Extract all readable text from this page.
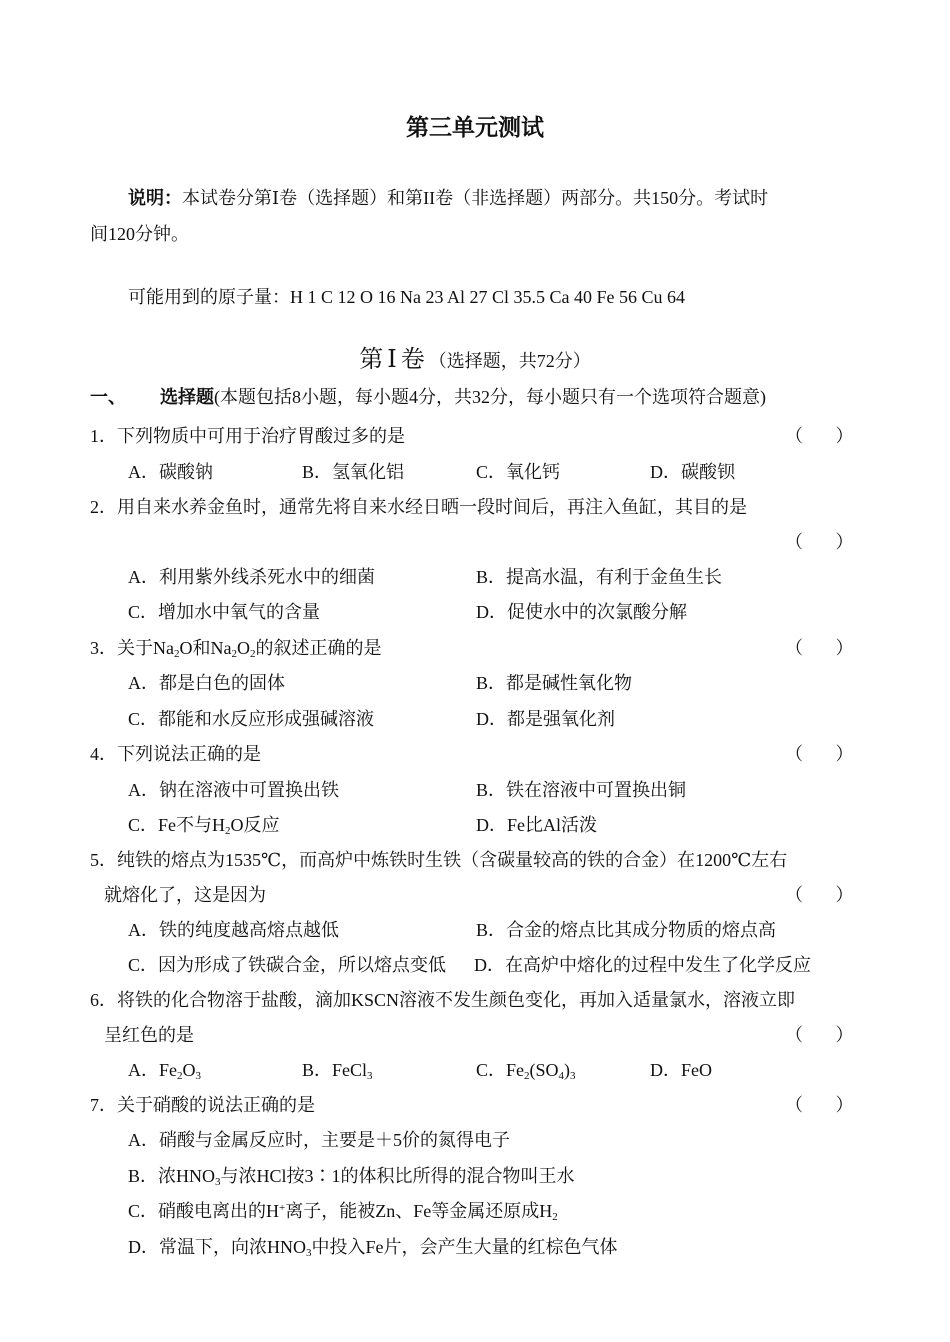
第三单元测试
说明：本试卷分第Ⅰ卷（选择题）和第II卷（非选择题）两部分。共150分。考试时
间120分钟。
可能用到的原子量：H 1 C 12 O 16 Na 23 Al 27 Cl 35.5 Ca 40 Fe 56 Cu 64
第Ⅰ卷（选择题，共72分）
一、 选择题(本题包括8小题，每小题4分，共32分，每小题只有一个选项符合题意)
1．下列物质中可用于治疗胃酸过多的是	（ ）
A．碳酸钠	B．氢氧化铝	C．氧化钙	D．碳酸钡
2．用自来水养金鱼时，通常先将自来水经日晒一段时间后，再注入鱼缸，其目的是
（ ）
A．利用紫外线杀死水中的细菌	B．提高水温，有利于金鱼生长
C．增加水中氧气的含量	D．促使水中的次氯酸分解
3．关于$Na_2O$和$Na_2O_2$的叙述正确的是	（ ）
A．都是白色的固体	B．都是碱性氧化物
C．都能和水反应形成强碱溶液	D．都是强氧化剂
4．下列说法正确的是	（ ）
A．钠在溶液中可置换出铁	B．铁在溶液中可置换出铜
C．Fe不与$H_2O$反应	D．Fe比Al活泼
5．纯铁的熔点为1535℃，而高炉中炼铁时生铁（含碳量较高的铁的合金）在1200℃左右
就熔化了，这是因为	（ ）
A．铁的纯度越高熔点越低	B．合金的熔点比其成分物质的熔点高
C．因为形成了铁碳合金，所以熔点变低 D．在高炉中熔化的过程中发生了化学反应
6．将铁的化合物溶于盐酸，滴加KSCN溶液不发生颜色变化，再加入适量氯水，溶液立即
呈红色的是	（ ）
A．$Fe_2O_3$	B．FeCl$_3$	C．$Fe_2(SO_4)_3$	D．FeO
7．关于硝酸的说法正确的是	（ ）
A．硝酸与金属反应时，主要是＋5价的氮得电子
B．浓$HNO_3$与浓HCl按3∶1的体积比所得的混合物叫王水
C．硝酸电离出的H+离子，能被Zn、Fe等金属还原成$H_2$
D．常温下，向浓$HNO_3$中投入Fe片，会产生大量的红棕色气体
